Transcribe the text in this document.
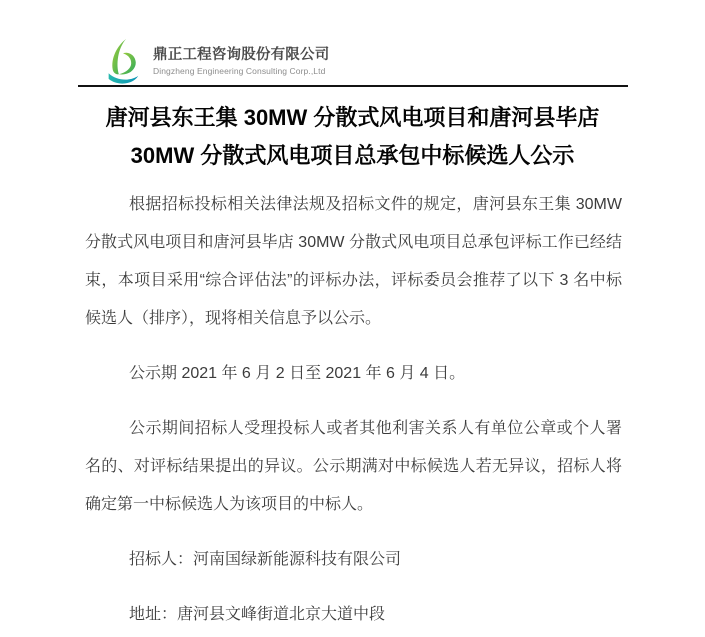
鼎正工程咨询股份有限公司
Dingzheng Engineering Consulting Corp.,Ltd
唐河县东王集 30MW 分散式风电项目和唐河县毕店
30MW 分散式风电项目总承包中标候选人公示

根据招标投标相关法律法规及招标文件的规定，唐河县东王集 30MW 分散式风电项目和唐河县毕店 30MW 分散式风电项目总承包评标工作已经结束，本项目采用“综合评估法”的评标办法，评标委员会推荐了以下 3 名中标候选人（排序），现将相关信息予以公示。

公示期 2021 年 6 月 2 日至 2021 年 6 月 4 日。

公示期间招标人受理投标人或者其他利害关系人有单位公章或个人署名的、对评标结果提出的异议。公示期满对中标候选人若无异议，招标人将确定第一中标候选人为该项目的中标人。

招标人：河南国绿新能源科技有限公司

地址：唐河县文峰街道北京大道中段
